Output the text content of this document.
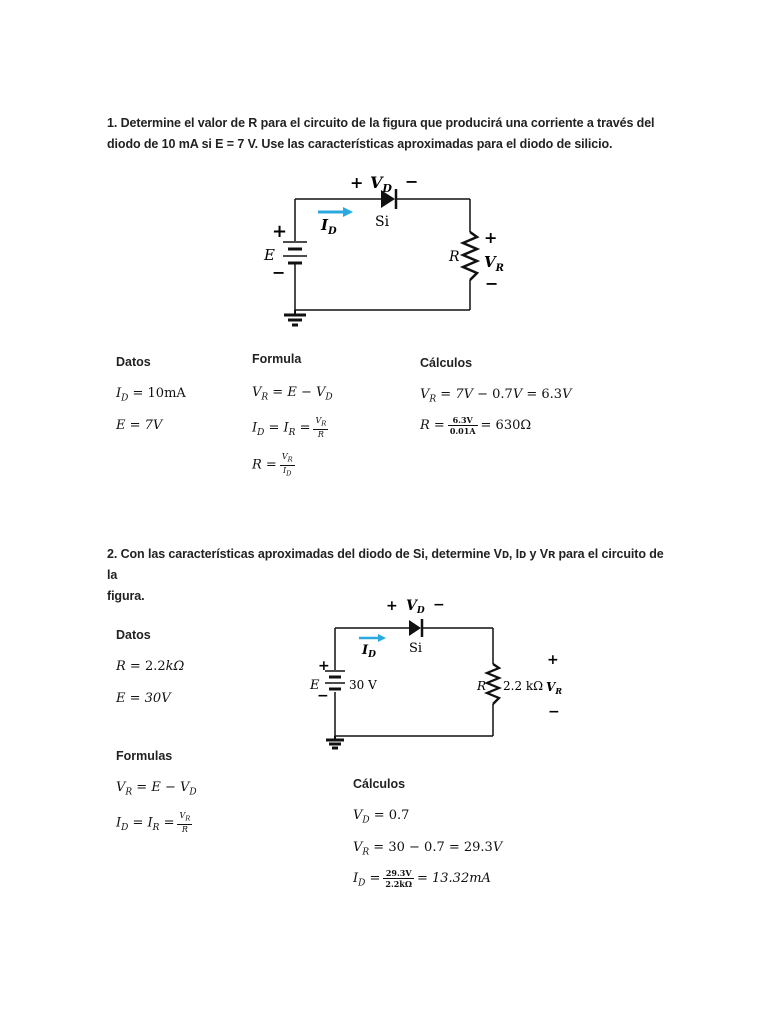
1. Determine el valor de R para el circuito de la figura que producirá una corriente a través del

diodo de 10 mA si E = 7 V. Use las características aproximadas para el diodo de silicio.

+ $V_D$ −
Si
$I_D$
+
E
−
R
+
$V_R$
−
Datos	Formula	Cálculos
$I_D = 10mA$
E = 7V
$V_R = E - V_D$
$I_D = I_R = \frac{V_R}{R}$
$R = \frac{V_R}{I_D}$
$V_R = 7V - 0.7V = 6.3V$
$R = \frac{6.3V}{0.01A} = 630\Omega$

2. Con las características aproximadas del diodo de Si, determine Vᴅ, Iᴅ y Vʀ para el circuito de la

figura.

+ $V_D$ −
Si
$I_D$
+
E
−
30 V	R 2.2 kΩ
+
$V_R$
−
Datos
R = 2.2kΩ
E = 30V
Formulas
$V_R = E - V_D$
$I_D = I_R = \frac{V_R}{R}$
Cálculos
$V_D = 0.7$
$V_R = 30 - 0.7 = 29.3V$
$I_D = \frac{29.3V}{2.2k\Omega} = 13.32mA$
